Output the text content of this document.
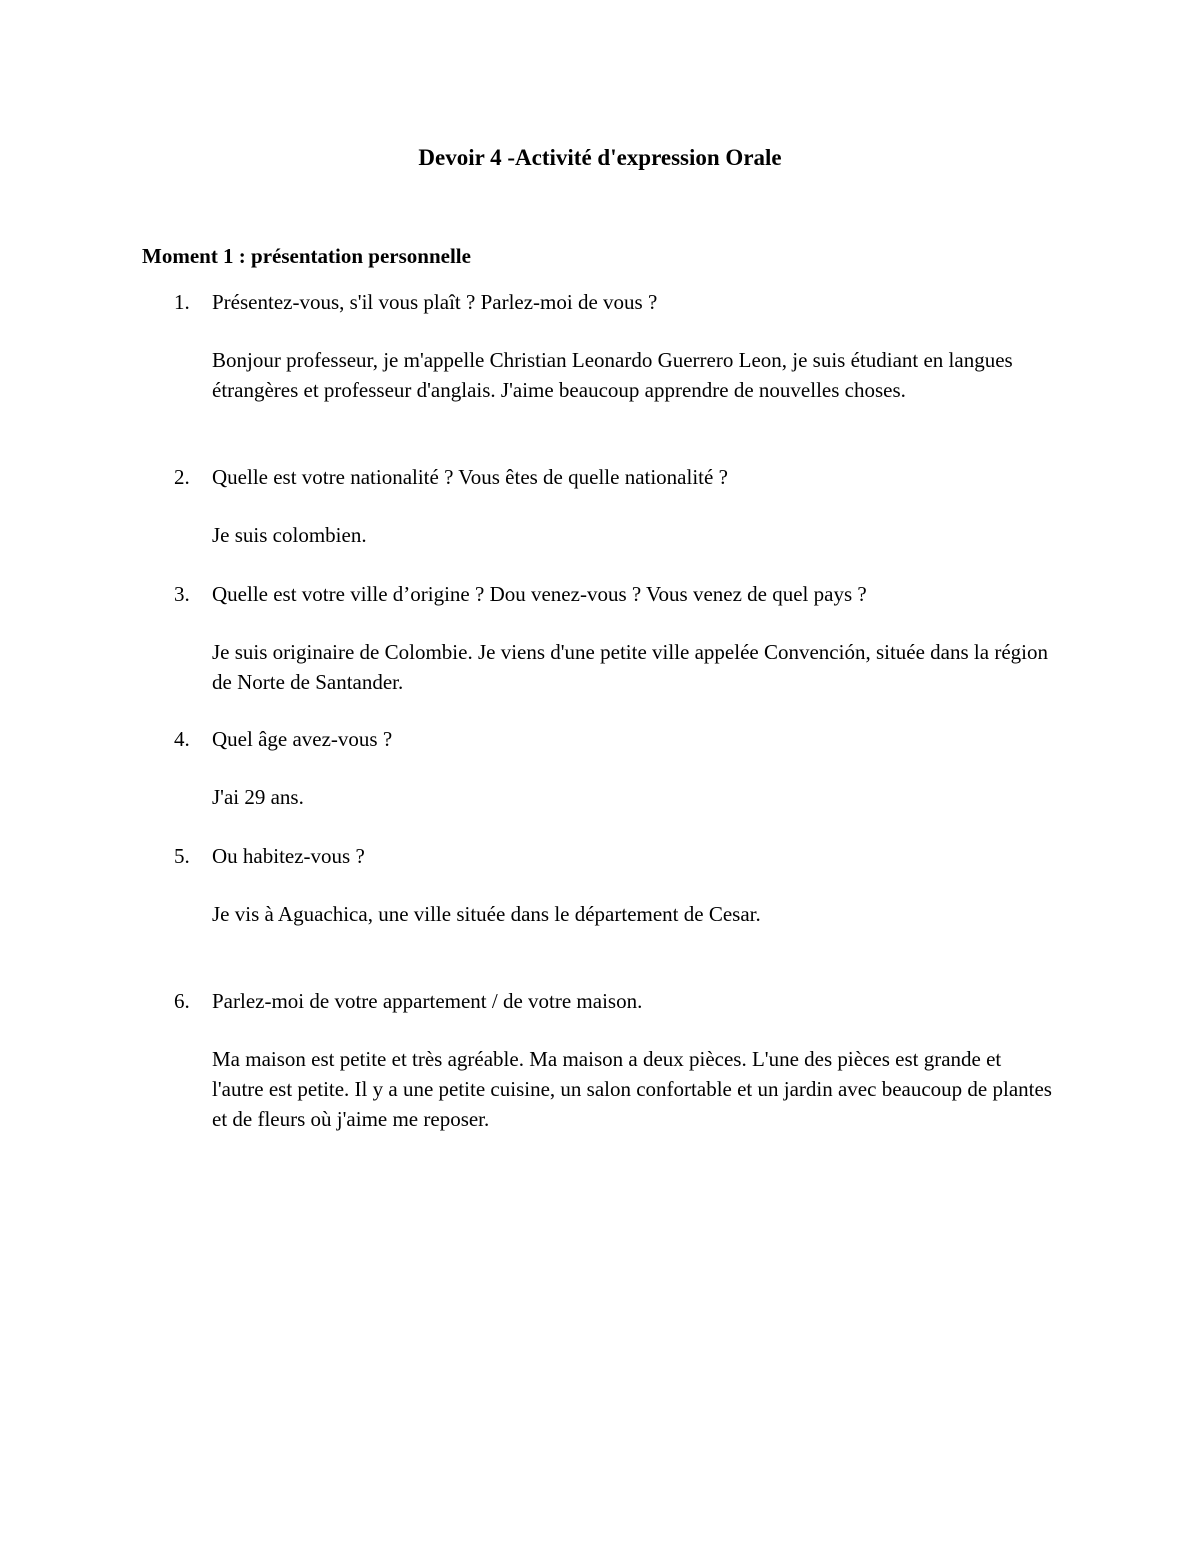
Devoir 4 -Activité d'expression Orale
Moment 1 : présentation personnelle
1.	Présentez-vous, s'il vous plaît ? Parlez-moi de vous ?
Bonjour professeur, je m'appelle Christian Leonardo Guerrero Leon, je suis étudiant en langues étrangères et professeur d'anglais. J'aime beaucoup apprendre de nouvelles choses.
2.	Quelle est votre nationalité ? Vous êtes de quelle nationalité ?
Je suis colombien.
3.	Quelle est votre ville d’origine ? Dou venez-vous ? Vous venez de quel pays ?
Je suis originaire de Colombie. Je viens d'une petite ville appelée Convención, située dans la région de Norte de Santander.
4.	Quel âge avez-vous ?
J'ai 29 ans.
5.	Ou habitez-vous ?
Je vis à Aguachica, une ville située dans le département de Cesar.
6.	Parlez-moi de votre appartement / de votre maison.
Ma maison est petite et très agréable. Ma maison a deux pièces. L'une des pièces est grande et l'autre est petite. Il y a une petite cuisine, un salon confortable et un jardin avec beaucoup de plantes et de fleurs où j'aime me reposer.
